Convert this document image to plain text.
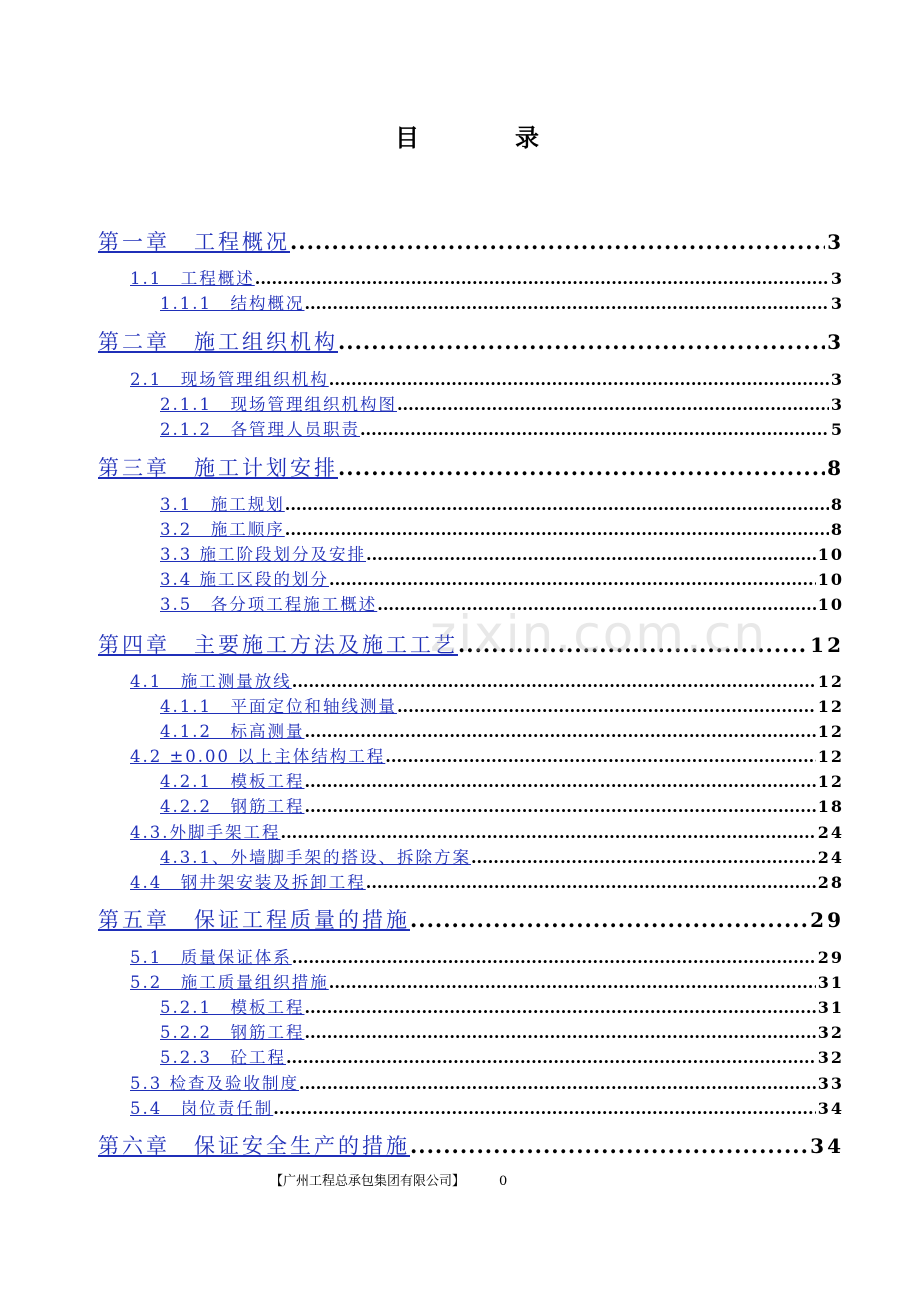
目　录
第一章　工程概况 .....	3
1.1　工程概述 .....	3
1.1.1　结构概况 .....	3
第二章　施工组织机构 .....	3
2.1　现场管理组织机构 .....	3
2.1.1　现场管理组织机构图 .....	3
2.1.2　各管理人员职责 .....	5
第三章　施工计划安排 .....	8
3.1　施工规划 .....	8
3.2　施工顺序 .....	8
3.3 施工阶段划分及安排 .....	10
3.4 施工区段的划分 .....	10
3.5　各分项工程施工概述 .....	10
第四章　主要施工方法及施工工艺 .....	12
4.1　施工测量放线 .....	12
4.1.1　平面定位和轴线测量 .....	12
4.1.2　标高测量 .....	12
4.2 ±0.00 以上主体结构工程 .....	12
4.2.1　模板工程 .....	12
4.2.2　钢筋工程 .....	18
4.3.外脚手架工程 .....	24
4.3.1、外墙脚手架的搭设、拆除方案 .....	24
4.4　钢井架安装及拆卸工程 .....	28
第五章　保证工程质量的措施 .....	29
5.1　质量保证体系 .....	29
5.2　施工质量组织措施 .....	31
5.2.1　模板工程 .....	31
5.2.2　钢筋工程 .....	32
5.2.3　砼工程 .....	32
5.3 检查及验收制度 .....	33
5.4　岗位责任制 .....	34
第六章　保证安全生产的措施 .....	34
zixin.com.cn
【广州工程总承包集团有限公司】	0
